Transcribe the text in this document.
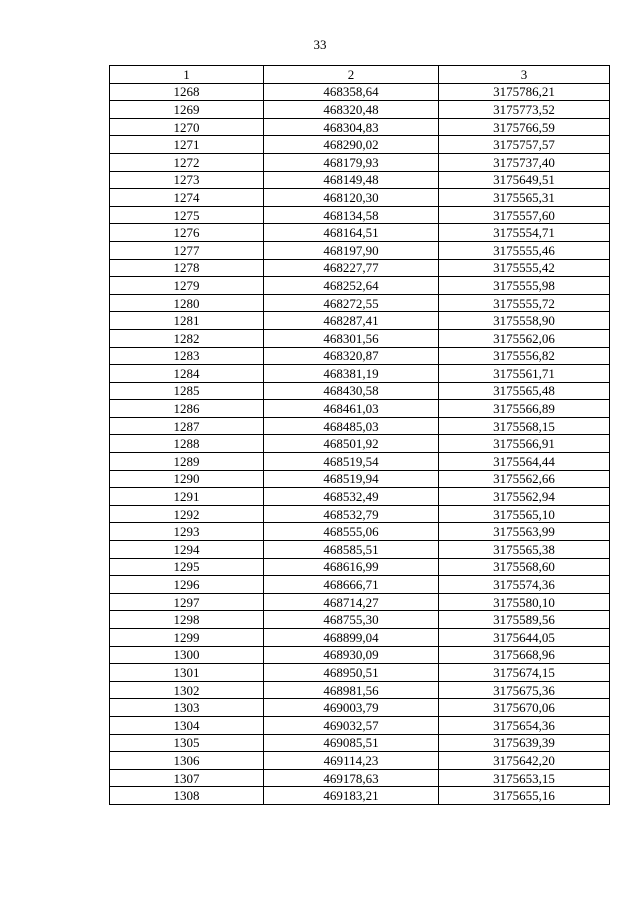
33
1	2	3
1268	468358,64	3175786,21
1269	468320,48	3175773,52
1270	468304,83	3175766,59
1271	468290,02	3175757,57
1272	468179,93	3175737,40
1273	468149,48	3175649,51
1274	468120,30	3175565,31
1275	468134,58	3175557,60
1276	468164,51	3175554,71
1277	468197,90	3175555,46
1278	468227,77	3175555,42
1279	468252,64	3175555,98
1280	468272,55	3175555,72
1281	468287,41	3175558,90
1282	468301,56	3175562,06
1283	468320,87	3175556,82
1284	468381,19	3175561,71
1285	468430,58	3175565,48
1286	468461,03	3175566,89
1287	468485,03	3175568,15
1288	468501,92	3175566,91
1289	468519,54	3175564,44
1290	468519,94	3175562,66
1291	468532,49	3175562,94
1292	468532,79	3175565,10
1293	468555,06	3175563,99
1294	468585,51	3175565,38
1295	468616,99	3175568,60
1296	468666,71	3175574,36
1297	468714,27	3175580,10
1298	468755,30	3175589,56
1299	468899,04	3175644,05
1300	468930,09	3175668,96
1301	468950,51	3175674,15
1302	468981,56	3175675,36
1303	469003,79	3175670,06
1304	469032,57	3175654,36
1305	469085,51	3175639,39
1306	469114,23	3175642,20
1307	469178,63	3175653,15
1308	469183,21	3175655,16
